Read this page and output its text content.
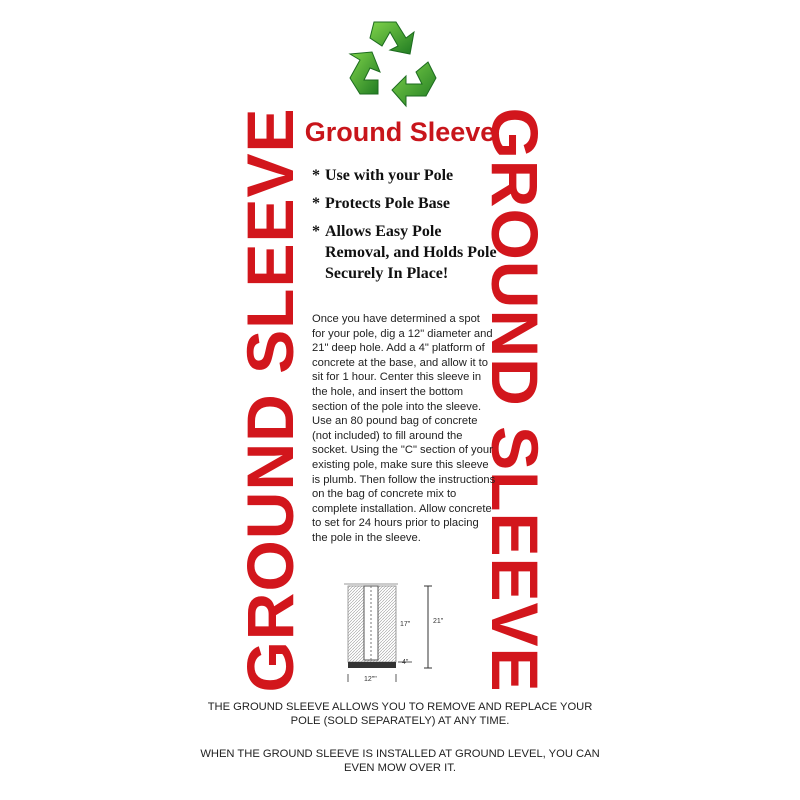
Ground Sleeve
GROUND SLEEVE	GROUND SLEEVE
* Use with your Pole
* Protects Pole Base
* Allows Easy Pole Removal, and Holds Pole Securely In Place!

Once you have determined a spot for your pole, dig a 12" diameter and 21" deep hole. Add a 4" platform of concrete at the base, and allow it to sit for 1 hour. Center this sleeve in the hole, and insert the bottom section of the pole into the sleeve. Use an 80 pound bag of concrete (not included) to fill around the socket. Using the "C" section of your existing pole, make sure this sleeve is plumb. Then follow the instructions on the bag of concrete mix to complete installation. Allow concrete to set for 24 hours prior to placing the pole in the sleeve.

21"
17"
4"
12""

THE GROUND SLEEVE ALLOWS YOU TO REMOVE AND REPLACE YOUR POLE (SOLD SEPARATELY) AT ANY TIME.

WHEN THE GROUND SLEEVE IS INSTALLED AT GROUND LEVEL, YOU CAN EVEN MOW OVER IT.
